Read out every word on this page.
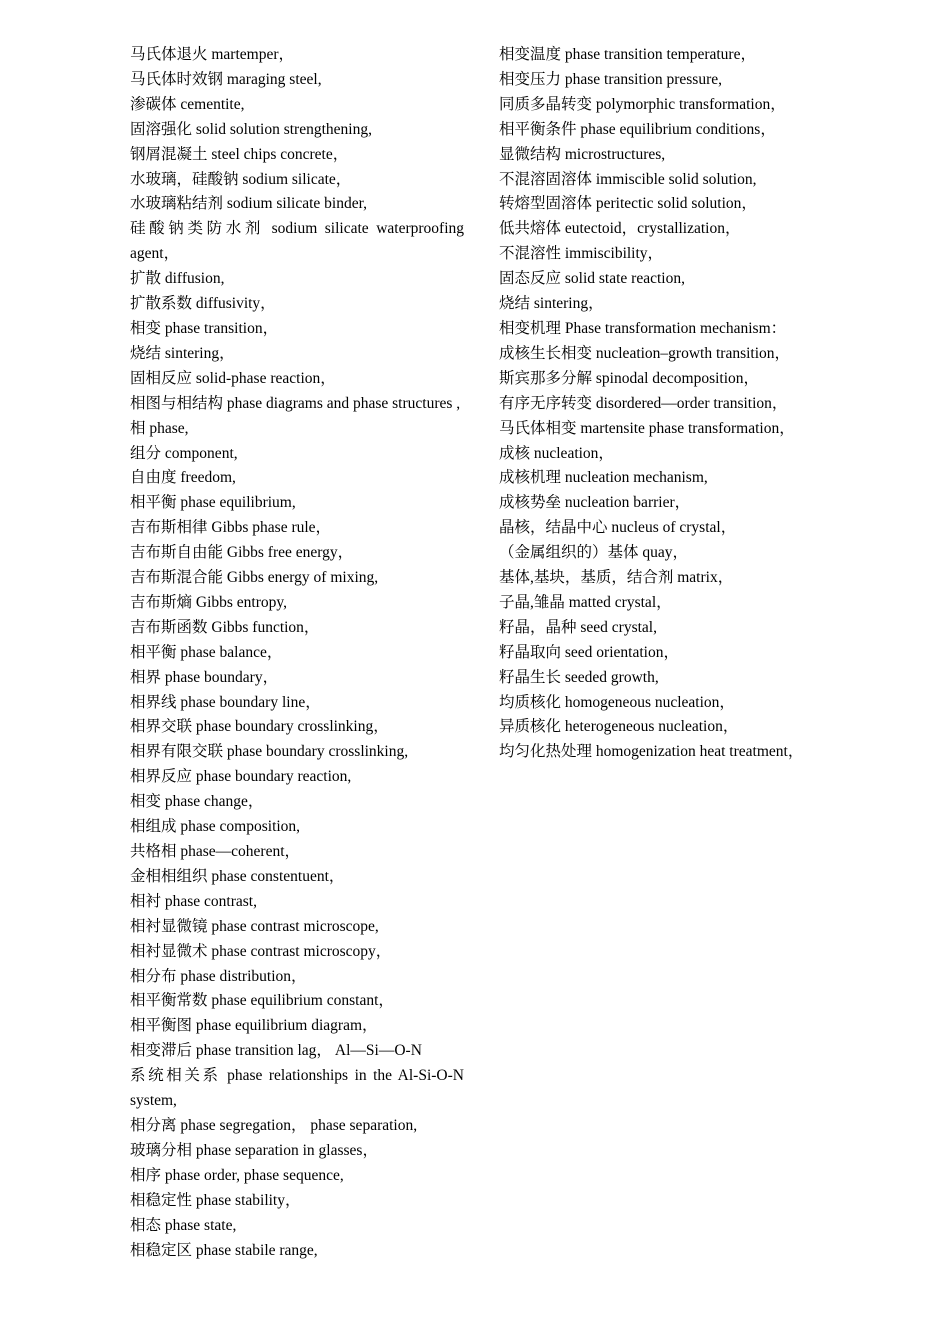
马氏体退火 martemper，
马氏体时效钢 maraging steel,
渗碳体 cementite,
固溶强化 solid solution strengthening,
钢屑混凝土 steel chips concrete，
水玻璃，硅酸钠 sodium silicate，
水玻璃粘结剂 sodium silicate binder,
硅酸钠类防水剂 sodium silicate waterproofing agent，
扩散 diffusion,
扩散系数 diffusivity，
相变 phase transition，
烧结 sintering，
固相反应 solid-phase reaction，
相图与相结构 phase diagrams and phase structures ,
相 phase,
组分 component,
自由度 freedom,
相平衡 phase equilibrium,
吉布斯相律 Gibbs phase rule，
吉布斯自由能 Gibbs free energy，
吉布斯混合能 Gibbs energy of mixing,
吉布斯熵 Gibbs entropy,
吉布斯函数 Gibbs function，
相平衡 phase balance，
相界 phase boundary，
相界线 phase boundary line，
相界交联 phase boundary crosslinking，
相界有限交联 phase boundary crosslinking,
相界反应 phase boundary reaction,
相变 phase change，
相组成 phase composition,
共格相 phase—coherent，
金相相组织 phase constentuent，
相衬 phase contrast,
相衬显微镜 phase contrast microscope,
相衬显微术 phase contrast microscopy，
相分布 phase distribution，
相平衡常数 phase equilibrium constant，
相平衡图 phase equilibrium diagram，
相变滞后 phase transition lag， Al—Si—O-N
系统相关系 phase relationships in the Al-Si-O-N system,
相分离 phase segregation， phase separation,
玻璃分相 phase separation in glasses，
相序 phase order, phase sequence,
相稳定性 phase stability，
相态 phase state,
相稳定区 phase stabile range,
相变温度 phase transition temperature，
相变压力 phase transition pressure,
同质多晶转变 polymorphic transformation，
相平衡条件 phase equilibrium conditions，
显微结构 microstructures,
不混溶固溶体 immiscible solid solution,
转熔型固溶体 peritectic solid solution，
低共熔体 eutectoid，crystallization，
不混溶性 immiscibility，
固态反应 solid state reaction,
烧结 sintering，
相变机理 Phase transformation mechanism：
成核生长相变 nucleation–growth transition，
斯宾那多分解 spinodal decomposition，
有序无序转变 disordered—order transition，
马氏体相变 martensite phase transformation，
成核 nucleation，
成核机理 nucleation mechanism,
成核势垒 nucleation barrier，
晶核，结晶中心 nucleus of crystal，
（金属组织的）基体 quay，
基体,基块，基质，结合剂 matrix，
子晶,雏晶 matted crystal，
籽晶，晶种 seed crystal,
籽晶取向 seed orientation，
籽晶生长 seeded growth,
均质核化 homogeneous nucleation，
异质核化 heterogeneous nucleation，
均匀化热处理 homogenization heat treatment，
